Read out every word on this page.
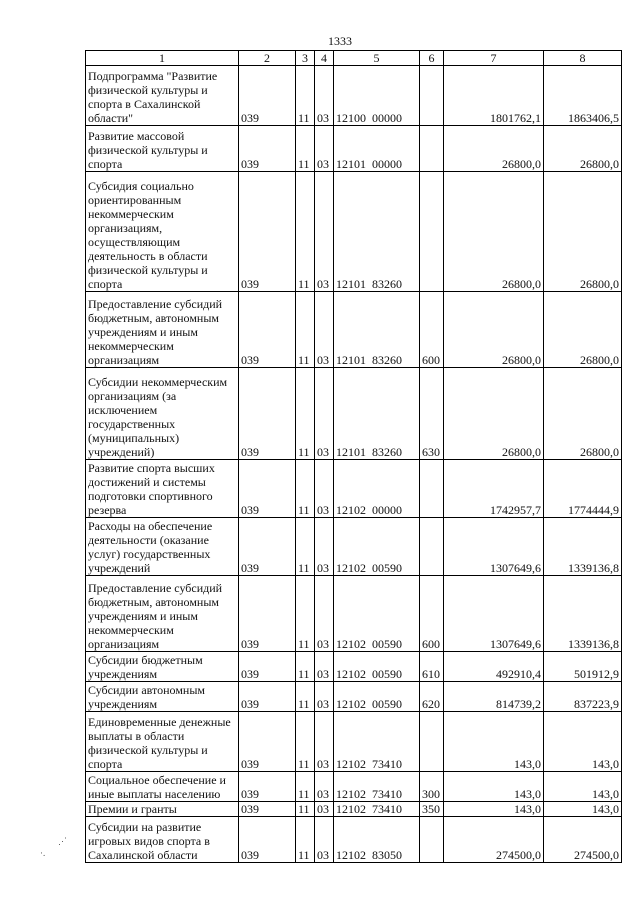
1333
1	2	3	4	5	6	7	8
Подпрограмма "Развитие физической культуры и спорта в Сахалинской области"	039	11	03	12100  00000		1801762,1	1863406,5
Развитие массовой физической культуры и спорта	039	11	03	12101  00000		26800,0	26800,0
Субсидия социально ориентированным некоммерческим организациям, осуществляющим деятельность в области физической культуры и спорта	039	11	03	12101  83260		26800,0	26800,0
Предоставление субсидий бюджетным, автономным учреждениям и иным некоммерческим организациям	039	11	03	12101  83260	600	26800,0	26800,0
Субсидии некоммерческим организациям (за исключением государственных (муниципальных) учреждений)	039	11	03	12101  83260	630	26800,0	26800,0
Развитие спорта высших достижений и системы подготовки спортивного резерва	039	11	03	12102  00000		1742957,7	1774444,9
Расходы на обеспечение деятельности (оказание услуг) государственных учреждений	039	11	03	12102  00590		1307649,6	1339136,8
Предоставление субсидий бюджетным, автономным учреждениям и иным некоммерческим организациям	039	11	03	12102  00590	600	1307649,6	1339136,8
Субсидии бюджетным учреждениям	039	11	03	12102  00590	610	492910,4	501912,9
Субсидии автономным учреждениям	039	11	03	12102  00590	620	814739,2	837223,9
Единовременные денежные выплаты в области физической культуры и спорта	039	11	03	12102  73410		143,0	143,0
Социальное обеспечение и иные выплаты населению	039	11	03	12102  73410	300	143,0	143,0
Премии и гранты	039	11	03	12102  73410	350	143,0	143,0
Субсидии на развитие игровых видов спорта в Сахалинской области	039	11	03	12102  83050		274500,0	274500,0
⋰
·.
